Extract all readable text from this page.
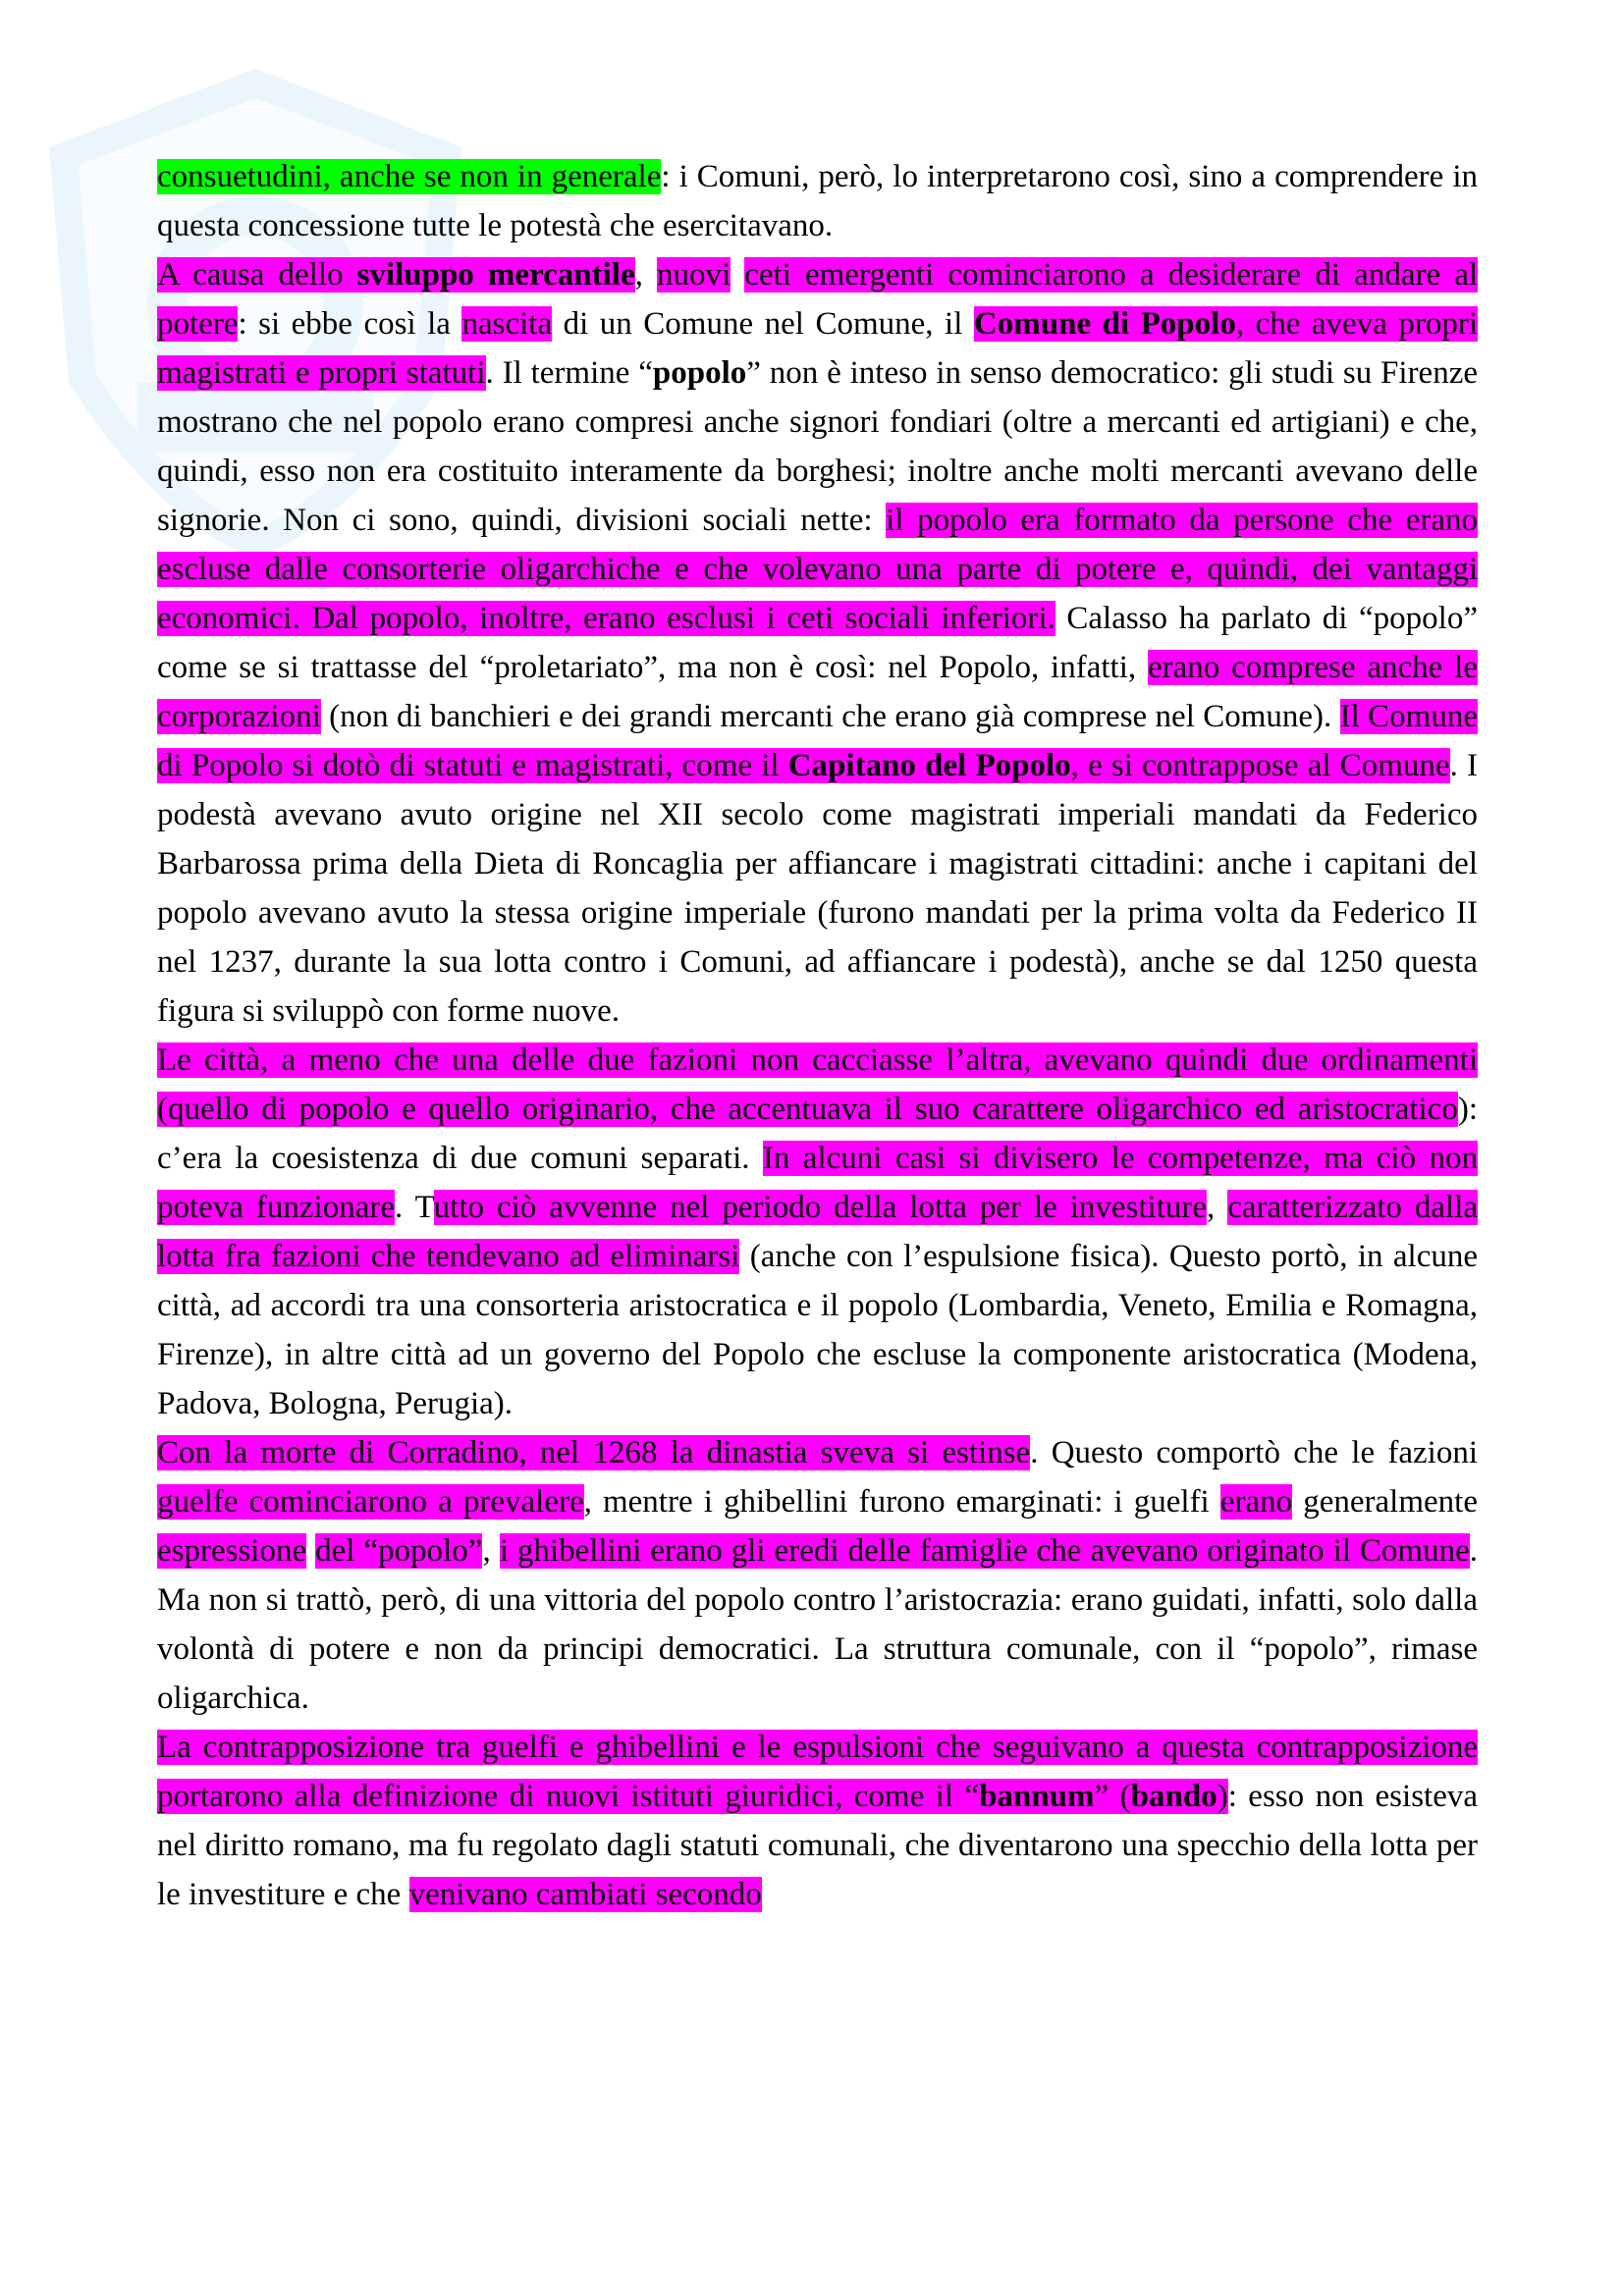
consuetudini, anche se non in generale: i Comuni, però, lo interpretarono così, sino a comprendere in questa concessione tutte le potestà che esercitavano.

A causa dello sviluppo mercantile, nuovi ceti emergenti cominciarono a desiderare di andare al potere: si ebbe così la nascita di un Comune nel Comune, il Comune di Popolo, che aveva propri magistrati e propri statuti. Il termine “popolo” non è inteso in senso democratico: gli studi su Firenze mostrano che nel popolo erano compresi anche signori fondiari (oltre a mercanti ed artigiani) e che, quindi, esso non era costituito interamente da borghesi; inoltre anche molti mercanti avevano delle signorie. Non ci sono, quindi, divisioni sociali nette: il popolo era formato da persone che erano escluse dalle consorterie oligarchiche e che volevano una parte di potere e, quindi, dei vantaggi economici. Dal popolo, inoltre, erano esclusi i ceti sociali inferiori. Calasso ha parlato di “popolo” come se si trattasse del “proletariato”, ma non è così: nel Popolo, infatti, erano compresе anche le corporazioni (non di banchieri e dei grandi mercanti che erano già comprese nel Comune). Il Comune di Popolo si dotò di statuti e magistrati, come il Capitano del Popolo, e si contrappose al Comune. I podestà avevano avuto origine nel XII secolo come magistrati imperiali mandati da Federico Barbarossa prima della Dieta di Roncaglia per affiancare i magistrati cittadini: anche i capitani del popolo avevano avuto la stessa origine imperiale (furono mandati per la prima volta da Federico II nel 1237, durante la sua lotta contro i Comuni, ad affiancare i podestà), anche se dal 1250 questa figura si sviluppò con forme nuove.

Le città, a meno che una delle due fazioni non cacciasse l’altra, avevano quindi due ordinamenti (quello di popolo e quello originario, che accentuava il suo carattere oligarchico ed aristocratico): c’era la coesistenza di due comuni separati. In alcuni casi si divisero le competenze, ma ciò non poteva funzionare. Tutto ciò avvenne nel periodo della lotta per le investiture, caratterizzato dalla lotta fra fazioni che tendevano ad eliminarsi (anche con l’espulsione fisica). Questo portò, in alcune città, ad accordi tra una consorteria aristocratica e il popolo (Lombardia, Veneto, Emilia e Romagna, Firenze), in altre città ad un governo del Popolo che escluse la componente aristocratica (Modena, Padova, Bologna, Perugia).

Con la morte di Corradino, nel 1268 la dinastia sveva si estinse. Questo comportò che le fazioni guelfe cominciarono a prevalere, mentre i ghibellini furono emarginati: i guelfi erano generalmente espressione del “popolo”, i ghibellini erano gli eredi delle famiglie che avevano originato il Comune. Ma non si trattò, però, di una vittoria del popolo contro l’aristocrazia: erano guidati, infatti, solo dalla volontà di potere e non da principi democratici. La struttura comunale, con il “popolo”, rimase oligarchica.

La contrapposizione tra guelfi e ghibellini e le espulsioni che seguivano a questa contrapposizione portarono alla definizione di nuovi istituti giuridici, come il “bannum” (bando): esso non esisteva nel diritto romano, ma fu regolato dagli statuti comunali, che diventarono una specchio della lotta per le investiture e che venivano cambiati secondo
